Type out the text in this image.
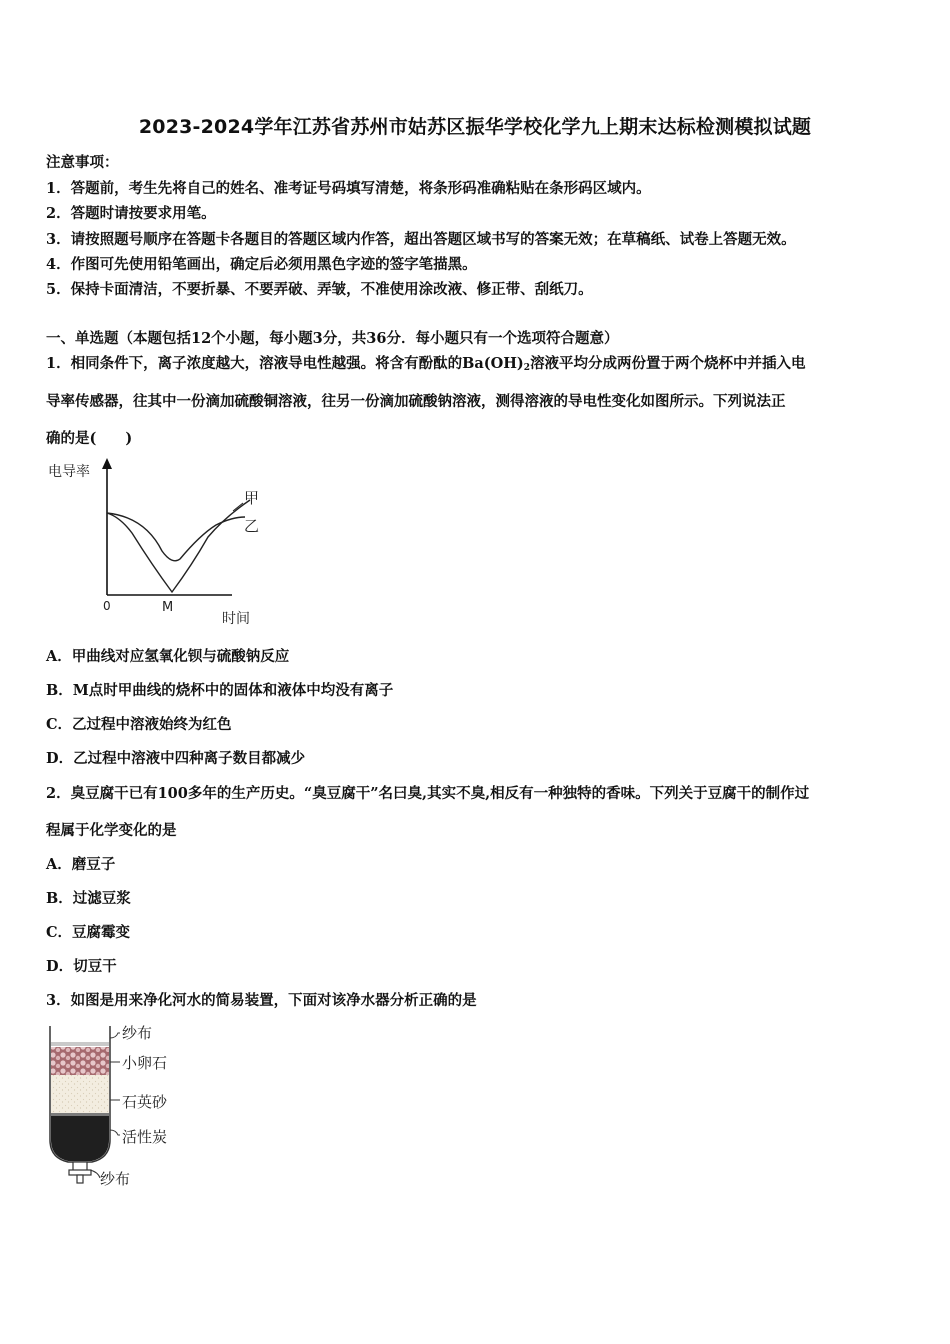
2023-2024学年江苏省苏州市姑苏区振华学校化学九上期末达标检测模拟试题
注意事项：
1．答题前，考生先将自己的姓名、准考证号码填写清楚，将条形码准确粘贴在条形码区域内。
2．答题时请按要求用笔。
3．请按照题号顺序在答题卡各题目的答题区域内作答，超出答题区域书写的答案无效；在草稿纸、试卷上答题无效。
4．作图可先使用铅笔画出，确定后必须用黑色字迹的签字笔描黑。
5．保持卡面清洁，不要折暴、不要弄破、弄皱，不准使用涂改液、修正带、刮纸刀。
一、单选题（本题包括12个小题，每小题3分，共36分．每小题只有一个选项符合题意）
1．相同条件下，离子浓度越大，溶液导电性越强。将含有酚酞的$Ba(OH)_2$溶液平均分成两份置于两个烧杯中并插入电
导率传感器，往其中一份滴加硫酸铜溶液，往另一份滴加硫酸钠溶液，测得溶液的导电性变化如图所示。下列说法正
确的是(　　)
电导率
时间
0	M
甲
乙
A．甲曲线对应氢氧化钡与硫酸钠反应
B．M点时甲曲线的烧杯中的固体和液体中均没有离子
C．乙过程中溶液始终为红色
D．乙过程中溶液中四种离子数目都减少
2．臭豆腐干已有100多年的生产历史。“臭豆腐干”名曰臭,其实不臭,相反有一种独特的香味。下列关于豆腐干的制作过
程属于化学变化的是
A．磨豆子
B．过滤豆浆
C．豆腐霉变
D．切豆干
3．如图是用来净化河水的简易装置，下面对该净水器分析正确的是
纱布
小卵石
石英砂
活性炭
纱布
